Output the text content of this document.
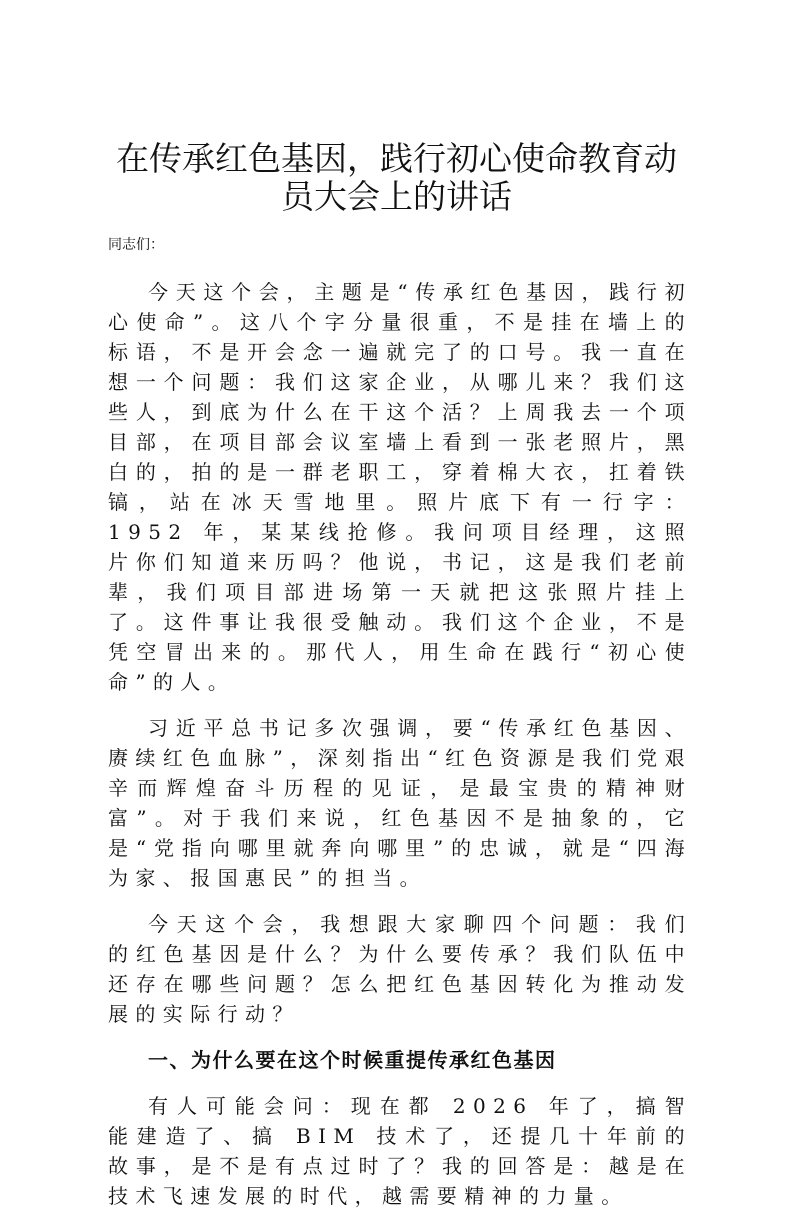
在传承红色基因，践行初心使命教育动员大会上的讲话
同志们：

今天这个会，主题是“传承红色基因，践行初心使命”。这八个字分量很重，不是挂在墙上的标语，不是开会念一遍就完了的口号。我一直在想一个问题：我们这家企业，从哪儿来？我们这些人，到底为什么在干这个活？上周我去一个项目部，在项目部会议室墙上看到一张老照片，黑白的，拍的是一群老职工，穿着棉大衣，扛着铁镐，站在冰天雪地里。照片底下有一行字：1952 年，某某线抢修。我问项目经理，这照片你们知道来历吗？他说，书记，这是我们老前辈，我们项目部进场第一天就把这张照片挂上了。这件事让我很受触动。我们这个企业，不是凭空冒出来的。那代人，用生命在践行“初心使命”的人。

习近平总书记多次强调，要“传承红色基因、赓续红色血脉”，深刻指出“红色资源是我们党艰辛而辉煌奋斗历程的见证，是最宝贵的精神财富”。对于我们来说，红色基因不是抽象的，它是“党指向哪里就奔向哪里”的忠诚，就是“四海为家、报国惠民”的担当。

今天这个会，我想跟大家聊四个问题：我们的红色基因是什么？为什么要传承？我们队伍中还存在哪些问题？怎么把红色基因转化为推动发展的实际行动？

一、为什么要在这个时候重提传承红色基因

有人可能会问：现在都 2026 年了，搞智能建造了、搞 BIM 技术了，还提几十年前的故事，是不是有点过时了？我的回答是：越是在技术飞速发展的时代，越需要精神的力量。
